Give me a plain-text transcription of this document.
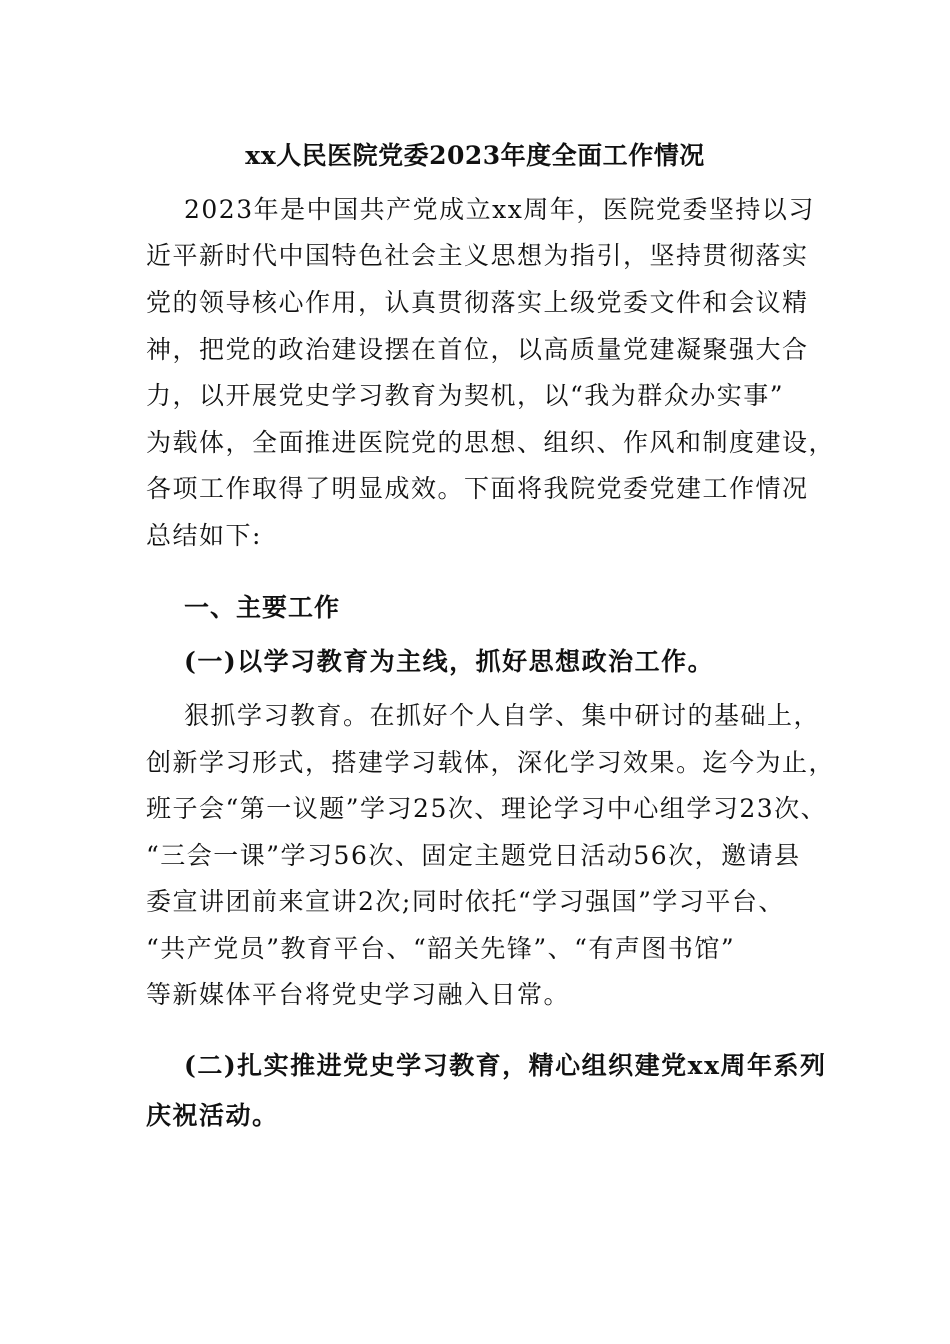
xx人民医院党委2023年度全面工作情况
2023年是中国共产党成立xx周年，医院党委坚持以习
近平新时代中国特色社会主义思想为指引，坚持贯彻落实
党的领导核心作用，认真贯彻落实上级党委文件和会议精
神，把党的政治建设摆在首位，以高质量党建凝聚强大合
力，以开展党史学习教育为契机，以“我为群众办实事”
为载体，全面推进医院党的思想、组织、作风和制度建设，
各项工作取得了明显成效。下面将我院党委党建工作情况
总结如下:
一、主要工作
(一)以学习教育为主线，抓好思想政治工作。
狠抓学习教育。在抓好个人自学、集中研讨的基础上，
创新学习形式，搭建学习载体，深化学习效果。迄今为止，
班子会“第一议题”学习25次、理论学习中心组学习23次、
“三会一课”学习56次、固定主题党日活动56次，邀请县
委宣讲团前来宣讲2次;同时依托“学习强国”学习平台、
“共产党员”教育平台、“韶关先锋”、“有声图书馆”
等新媒体平台将党史学习融入日常。
(二)扎实推进党史学习教育，精心组织建党xx周年系列
庆祝活动。
